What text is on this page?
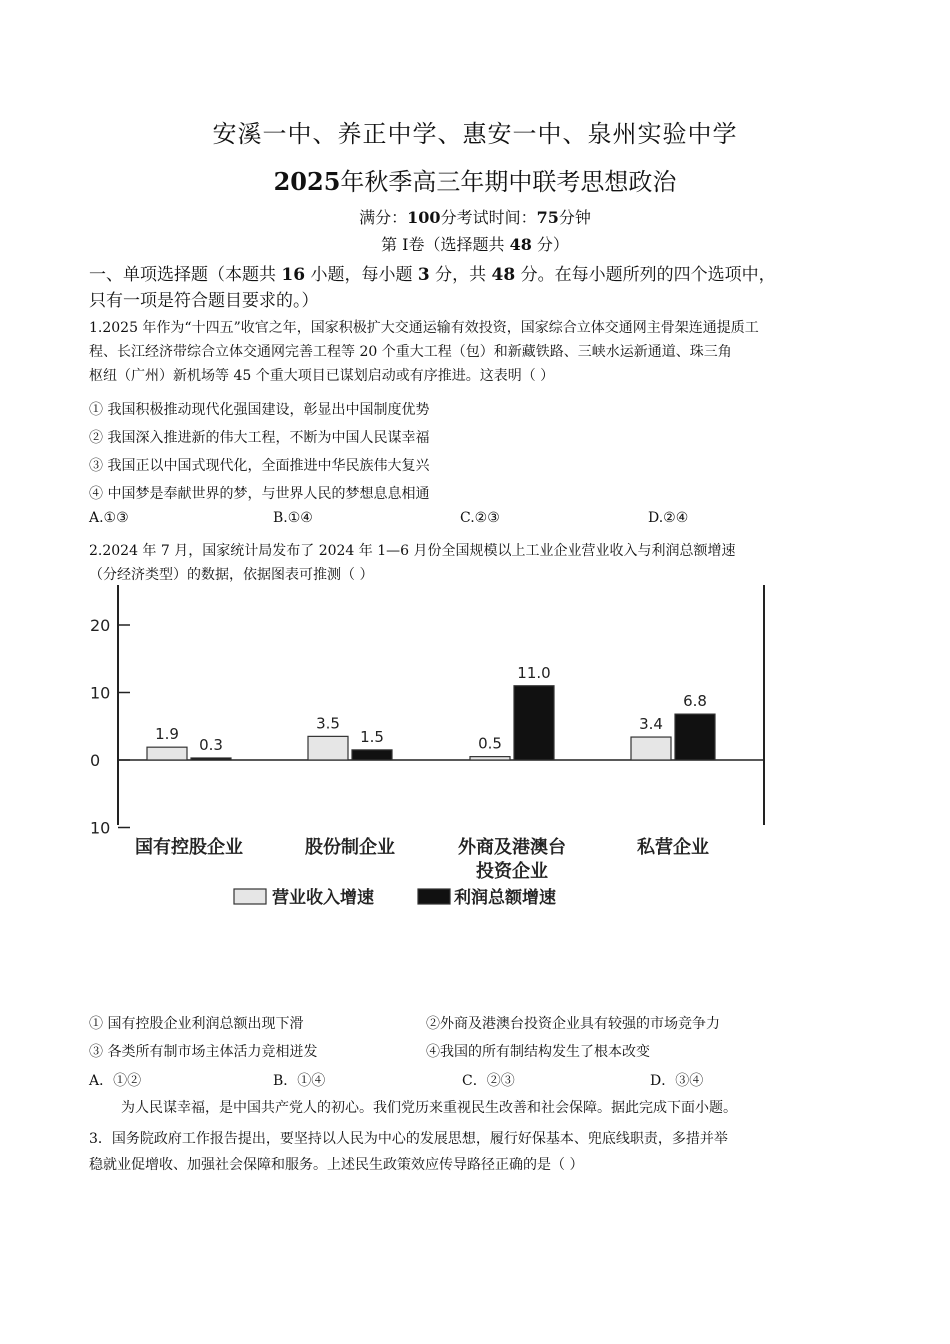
安溪一中、养正中学、惠安一中、泉州实验中学
2025年秋季高三年期中联考思想政治
满分：100分考试时间：75分钟
第 Ⅰ卷（选择题共 48 分）
一、单项选择题（本题共 16 小题，每小题 3 分，共 48 分。在每小题所列的四个选项中，
只有一项是符合题目要求的。）
1.2025 年作为“十四五”收官之年，国家积极扩大交通运输有效投资，国家综合立体交通网主骨架连通提质工
程、长江经济带综合立体交通网完善工程等 20 个重大工程（包）和新藏铁路、三峡水运新通道、珠三角
枢纽（广州）新机场等 45 个重大项目已谋划启动或有序推进。这表明（ ）
① 我国积极推动现代化强国建设，彰显出中国制度优势
② 我国深入推进新的伟大工程，不断为中国人民谋幸福
③ 我国正以中国式现代化，全面推进中华民族伟大复兴
④ 中国梦是奉献世界的梦，与世界人民的梦想息息相通
A.①③	B.①④	C.②③	D.②④
2.2024 年 7 月，国家统计局发布了 2024 年 1—6 月份全国规模以上工业企业营业收入与利润总额增速
（分经济类型）的数据，依据图表可推测（ ）
20
10
0
10
1.9
3.5
0.5
3.4
0.3	1.5
11.0
6.8
国有控股企业	股份制企业	外商及港澳台
投资企业
私营企业
营业收入增速	利润总额增速
① 国有控股企业利润总额出现下滑	②外商及港澳台投资企业具有较强的市场竞争力
③ 各类所有制市场主体活力竞相迸发	④我国的所有制结构发生了根本改变
A．①②	B．①④	C．②③	D．③④
为人民谋幸福，是中国共产党人的初心。我们党历来重视民生改善和社会保障。据此完成下面小题。
3．国务院政府工作报告提出，要坚持以人民为中心的发展思想，履行好保基本、兜底线职责，多措并举
稳就业促增收、加强社会保障和服务。上述民生政策效应传导路径正确的是（ ）
